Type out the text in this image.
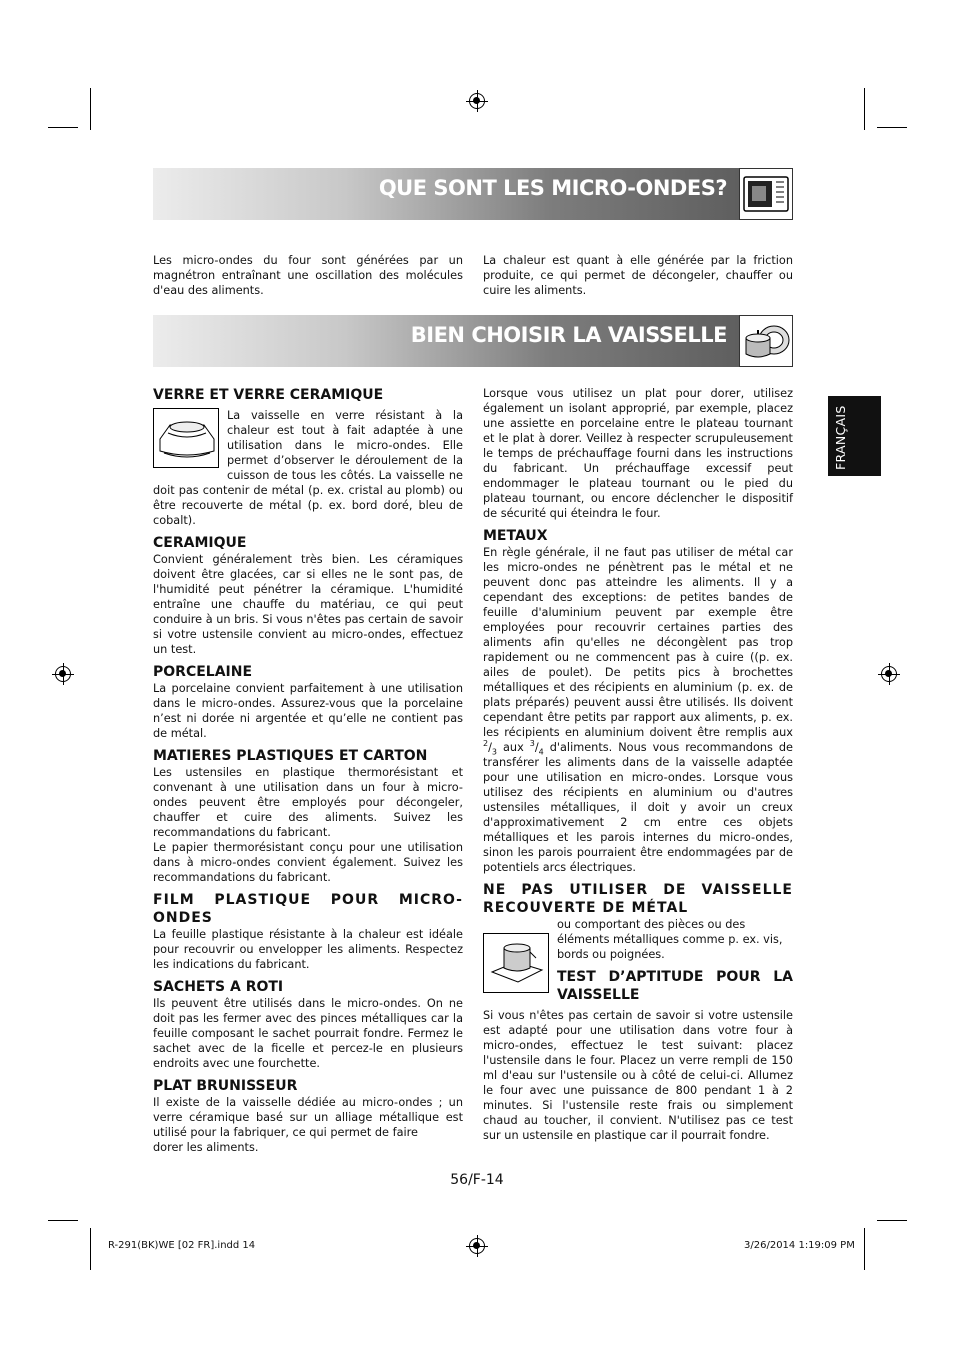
QUE SONT LES MICRO-ONDES?

Les micro-ondes du four sont générées par un magnétron entraînant une oscillation des molécules d'eau des aliments.

La chaleur est quant à elle générée par la friction produite, ce qui permet de décongeler, chauffer ou cuire les aliments.

BIEN CHOISIR LA VAISSELLE
FRANÇAIS

VERRE ET VERRE CERAMIQUE

La vaisselle en verre résistant à la chaleur est tout à fait adaptée à une utilisation dans le micro-ondes. Elle permet d’observer le déroulement de la cuisson de tous les côtés. La vaisselle ne doit pas contenir de métal (p. ex. cristal au plomb) ou être recouverte de métal (p. ex. bord doré, bleu de cobalt).

CERAMIQUE

Convient généralement très bien. Les céramiques doivent être glacées, car si elles ne le sont pas, de l'humidité peut pénétrer la céramique. L'humidité entraîne une chauffe du matériau, ce qui peut conduire à un bris. Si vous n'êtes pas certain de savoir si votre ustensile convient au micro-ondes, effectuez un test.

PORCELAINE

La porcelaine convient parfaitement à une utilisation dans le micro-ondes. Assurez-vous que la porcelaine n’est ni dorée ni argentée et qu’elle ne contient pas de métal.

MATIERES PLASTIQUES ET CARTON

Les ustensiles en plastique thermorésistant et convenant à une utilisation dans un four à micro-ondes peuvent être employés pour décongeler, chauffer et cuire des aliments. Suivez les recommandations du fabricant.

Le papier thermorésistant conçu pour une utilisation dans à micro-ondes convient également. Suivez les recommandations du fabricant.

FILM PLASTIQUE POUR MICRO-ONDES

La feuille plastique résistante à la chaleur est idéale pour recouvrir ou envelopper les aliments. Respectez les indications du fabricant.

SACHETS A ROTI

Ils peuvent être utilisés dans le micro-ondes. On ne doit pas les fermer avec des pinces métalliques car la feuille composant le sachet pourrait fondre. Fermez le sachet avec de la ficelle et percez-le en plusieurs endroits avec une fourchette.

PLAT BRUNISSEUR

Il existe de la vaisselle dédiée au micro-ondes ; un verre céramique basé sur un alliage métallique est utilisé pour la fabriquer, ce qui permet de faire

dorer les aliments.

Lorsque vous utilisez un plat pour dorer, utilisez également un isolant approprié, par exemple, placez une assiette en porcelaine entre le plateau tournant et le plat à dorer. Veillez à respecter scrupuleusement le temps de préchauffage fourni dans les instructions du fabricant. Un préchauffage excessif peut endommager le plateau tournant ou le pied du plateau tournant, ou encore déclencher le dispositif de sécurité qui éteindra le four.

METAUX

En règle générale, il ne faut pas utiliser de métal car les micro-ondes ne pénètrent pas le métal et ne peuvent donc pas atteindre les aliments. Il y a cependant des exceptions: de petites bandes de feuille d'aluminium peuvent par exemple être employées pour recouvrir certaines parties des aliments afin qu'elles ne décongèlent pas trop rapidement ou ne commencent pas à cuire ((p. ex. ailes de poulet). De petits pics à brochettes métalliques et des récipients en aluminium (p. ex. de plats préparés) peuvent aussi être utilisés. Ils doivent cependant être petits par rapport aux aliments, p. ex. les récipients en aluminium doivent être remplis aux $^2/_3$ aux $^3/_4$ d'aliments. Nous vous recommandons de transférer les aliments dans de la vaisselle adaptée pour une utilisation en micro-ondes. Lorsque vous utilisez des récipients en aluminium ou d'autres ustensiles métalliques, il doit y avoir un creux d'approximativement 2 cm entre ces objets métalliques et les parois internes du micro-ondes, sinon les parois pourraient être endommagées par de potentiels arcs électriques.

NE PAS UTILISER DE VAISSELLE RECOUVERTE DE MÉTAL

ou comportant des pièces ou des éléments métalliques comme p. ex. vis, bords ou poignées.

TEST D’APTITUDE POUR LA VAISSELLE

Si vous n'êtes pas certain de savoir si votre ustensile est adapté pour une utilisation dans votre four à micro-ondes, effectuez le test suivant: placez l'ustensile dans le four. Placez un verre rempli de 150 ml d'eau sur l'ustensile ou à côté de celui-ci. Allumez le four avec une puissance de 800 pendant 1 à 2 minutes. Si l'ustensile reste frais ou simplement chaud au toucher, il convient. N'utilisez pas ce test sur un ustensile en plastique car il pourrait fondre.

56/F-14
R-291(BK)WE [02 FR].indd 14	3/26/2014 1:19:09 PM
